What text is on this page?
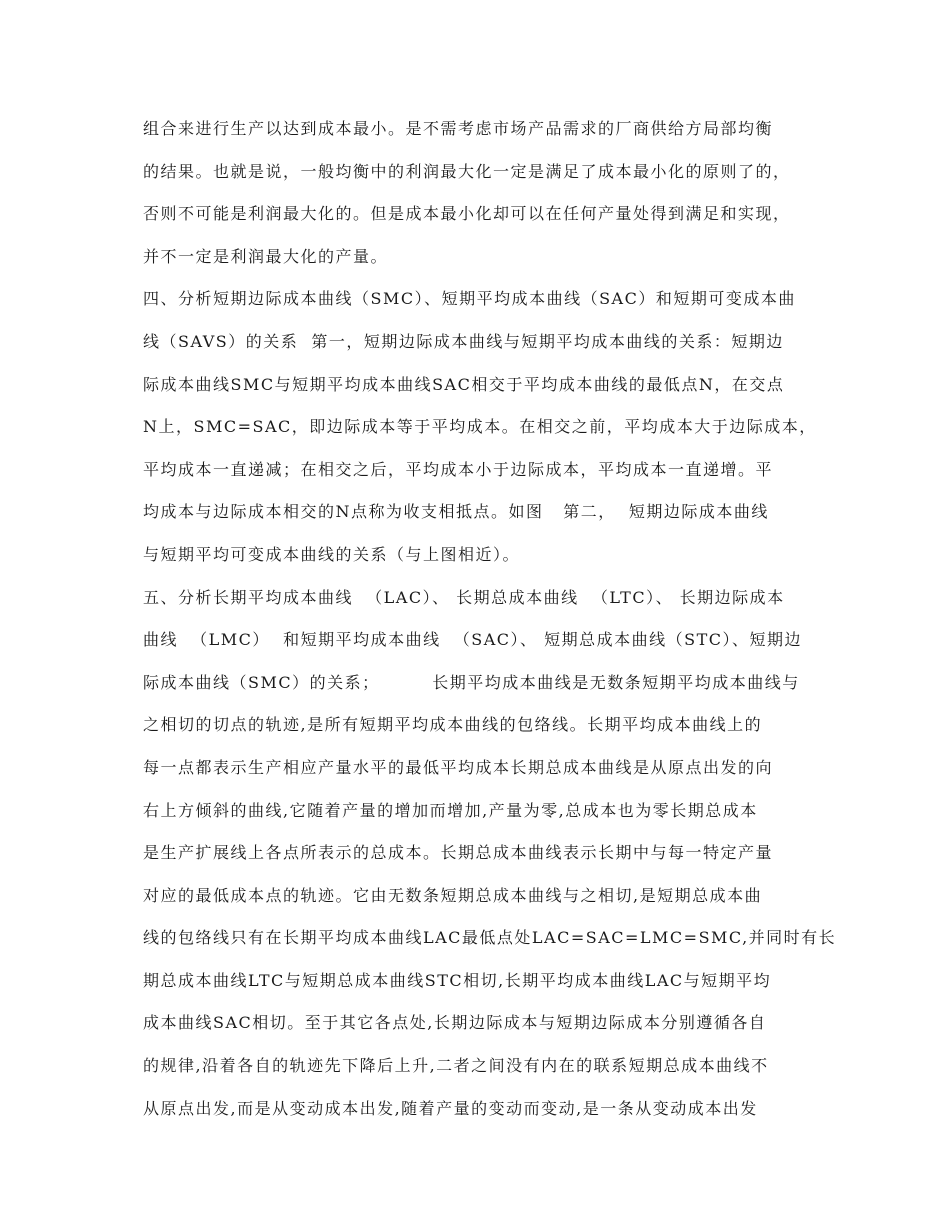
组合来进行生产以达到成本最小。是不需考虑市场产品需求的厂商供给方局部均衡
的结果。也就是说，一般均衡中的利润最大化一定是满足了成本最小化的原则了的，
否则不可能是利润最大化的。但是成本最小化却可以在任何产量处得到满足和实现，
并不一定是利润最大化的产量。
四、分析短期边际成本曲线（SMC）、短期平均成本曲线（SAC）和短期可变成本曲
线（SAVS）的关系  第一，短期边际成本曲线与短期平均成本曲线的关系：短期边
际成本曲线SMC与短期平均成本曲线SAC相交于平均成本曲线的最低点N，在交点
N上，SMC=SAC，即边际成本等于平均成本。在相交之前，平均成本大于边际成本，
平均成本一直递减；在相交之后，平均成本小于边际成本，平均成本一直递增。平
均成本与边际成本相交的N点称为收支相抵点。如图   第二，  短期边际成本曲线
与短期平均可变成本曲线的关系（与上图相近）。
五、分析长期平均成本曲线  （LAC）、 长期总成本曲线  （LTC）、 长期边际成本
曲线  （LMC）  和短期平均成本曲线  （SAC）、 短期总成本曲线（STC）、短期边
际成本曲线（SMC）的关系；        长期平均成本曲线是无数条短期平均成本曲线与
之相切的切点的轨迹,是所有短期平均成本曲线的包络线。长期平均成本曲线上的
每一点都表示生产相应产量水平的最低平均成本长期总成本曲线是从原点出发的向
右上方倾斜的曲线,它随着产量的增加而增加,产量为零,总成本也为零长期总成本
是生产扩展线上各点所表示的总成本。长期总成本曲线表示长期中与每一特定产量
对应的最低成本点的轨迹。它由无数条短期总成本曲线与之相切,是短期总成本曲
线的包络线只有在长期平均成本曲线LAC最低点处LAC=SAC=LMC=SMC,并同时有长
期总成本曲线LTC与短期总成本曲线STC相切,长期平均成本曲线LAC与短期平均
成本曲线SAC相切。至于其它各点处,长期边际成本与短期边际成本分别遵循各自
的规律,沿着各自的轨迹先下降后上升,二者之间没有内在的联系短期总成本曲线不
从原点出发,而是从变动成本出发,随着产量的变动而变动,是一条从变动成本出发
